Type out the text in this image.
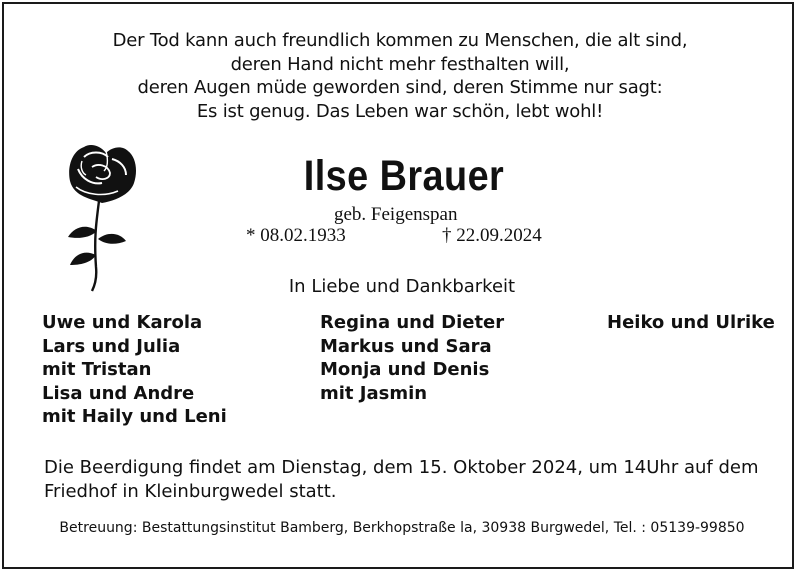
Der Tod kann auch freundlich kommen zu Menschen, die alt sind,
deren Hand nicht mehr festhalten will,
deren Augen müde geworden sind, deren Stimme nur sagt:
Es ist genug. Das Leben war schön, lebt wohl!
Ilse Brauer
geb. Feigenspan
* 08.02.1933	† 22.09.2024
In Liebe und Dankbarkeit
Uwe und Karola
Lars und Julia
mit Tristan
Lisa und Andre
mit Haily und Leni
Regina und Dieter
Markus und Sara
Monja und Denis
mit Jasmin
Heiko und Ulrike
Die Beerdigung findet am Dienstag, dem 15. Oktober 2024, um 14Uhr auf dem
Friedhof in Kleinburgwedel statt.
Betreuung: Bestattungsinstitut Bamberg, Berkhopstraße la, 30938 Burgwedel, Tel. : 05139-99850
